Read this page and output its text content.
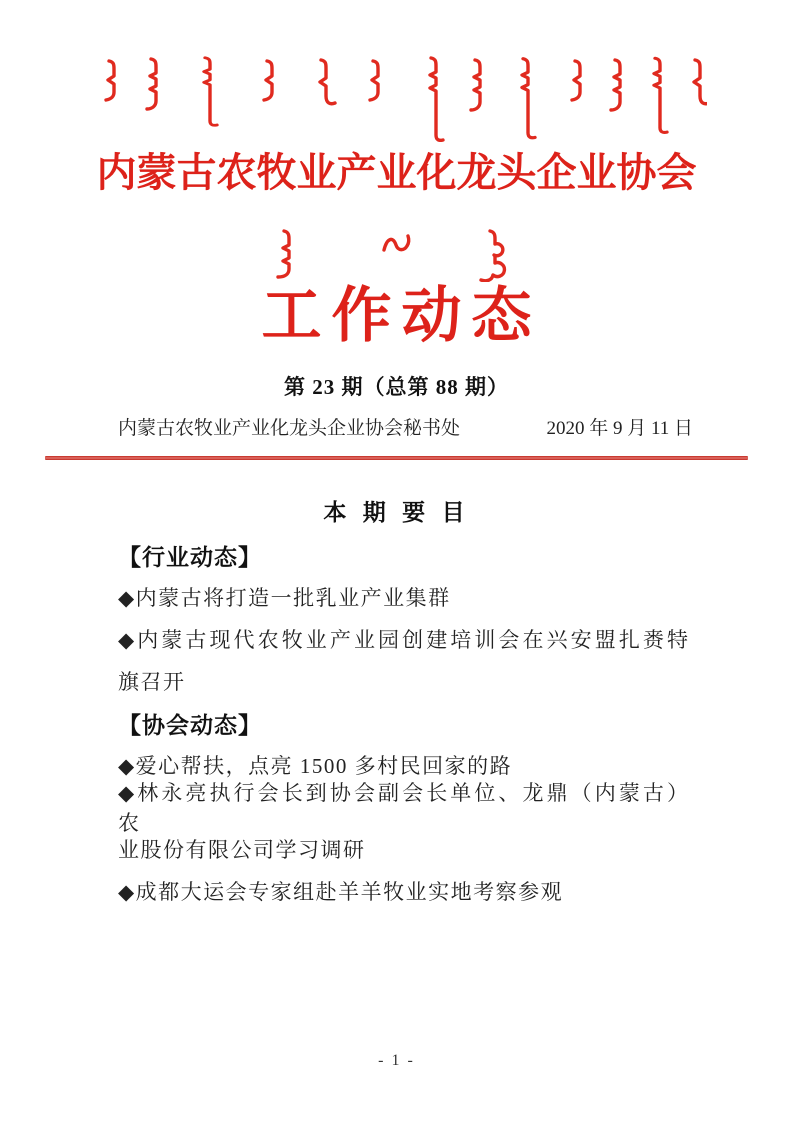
内蒙古农牧业产业化龙头企业协会
工作动态
第 23 期（总第 88 期）
内蒙古农牧业产业化龙头企业协会秘书处	2020 年 9 月 11 日
本 期 要 目
【行业动态】
◆内蒙古将打造一批乳业产业集群
◆内蒙古现代农牧业产业园创建培训会在兴安盟扎赉特
旗召开
【协会动态】
◆爱心帮扶，点亮 1500 多村民回家的路
◆林永亮执行会长到协会副会长单位、龙鼎（内蒙古）农
业股份有限公司学习调研
◆成都大运会专家组赴羊羊牧业实地考察参观
- 1 -
